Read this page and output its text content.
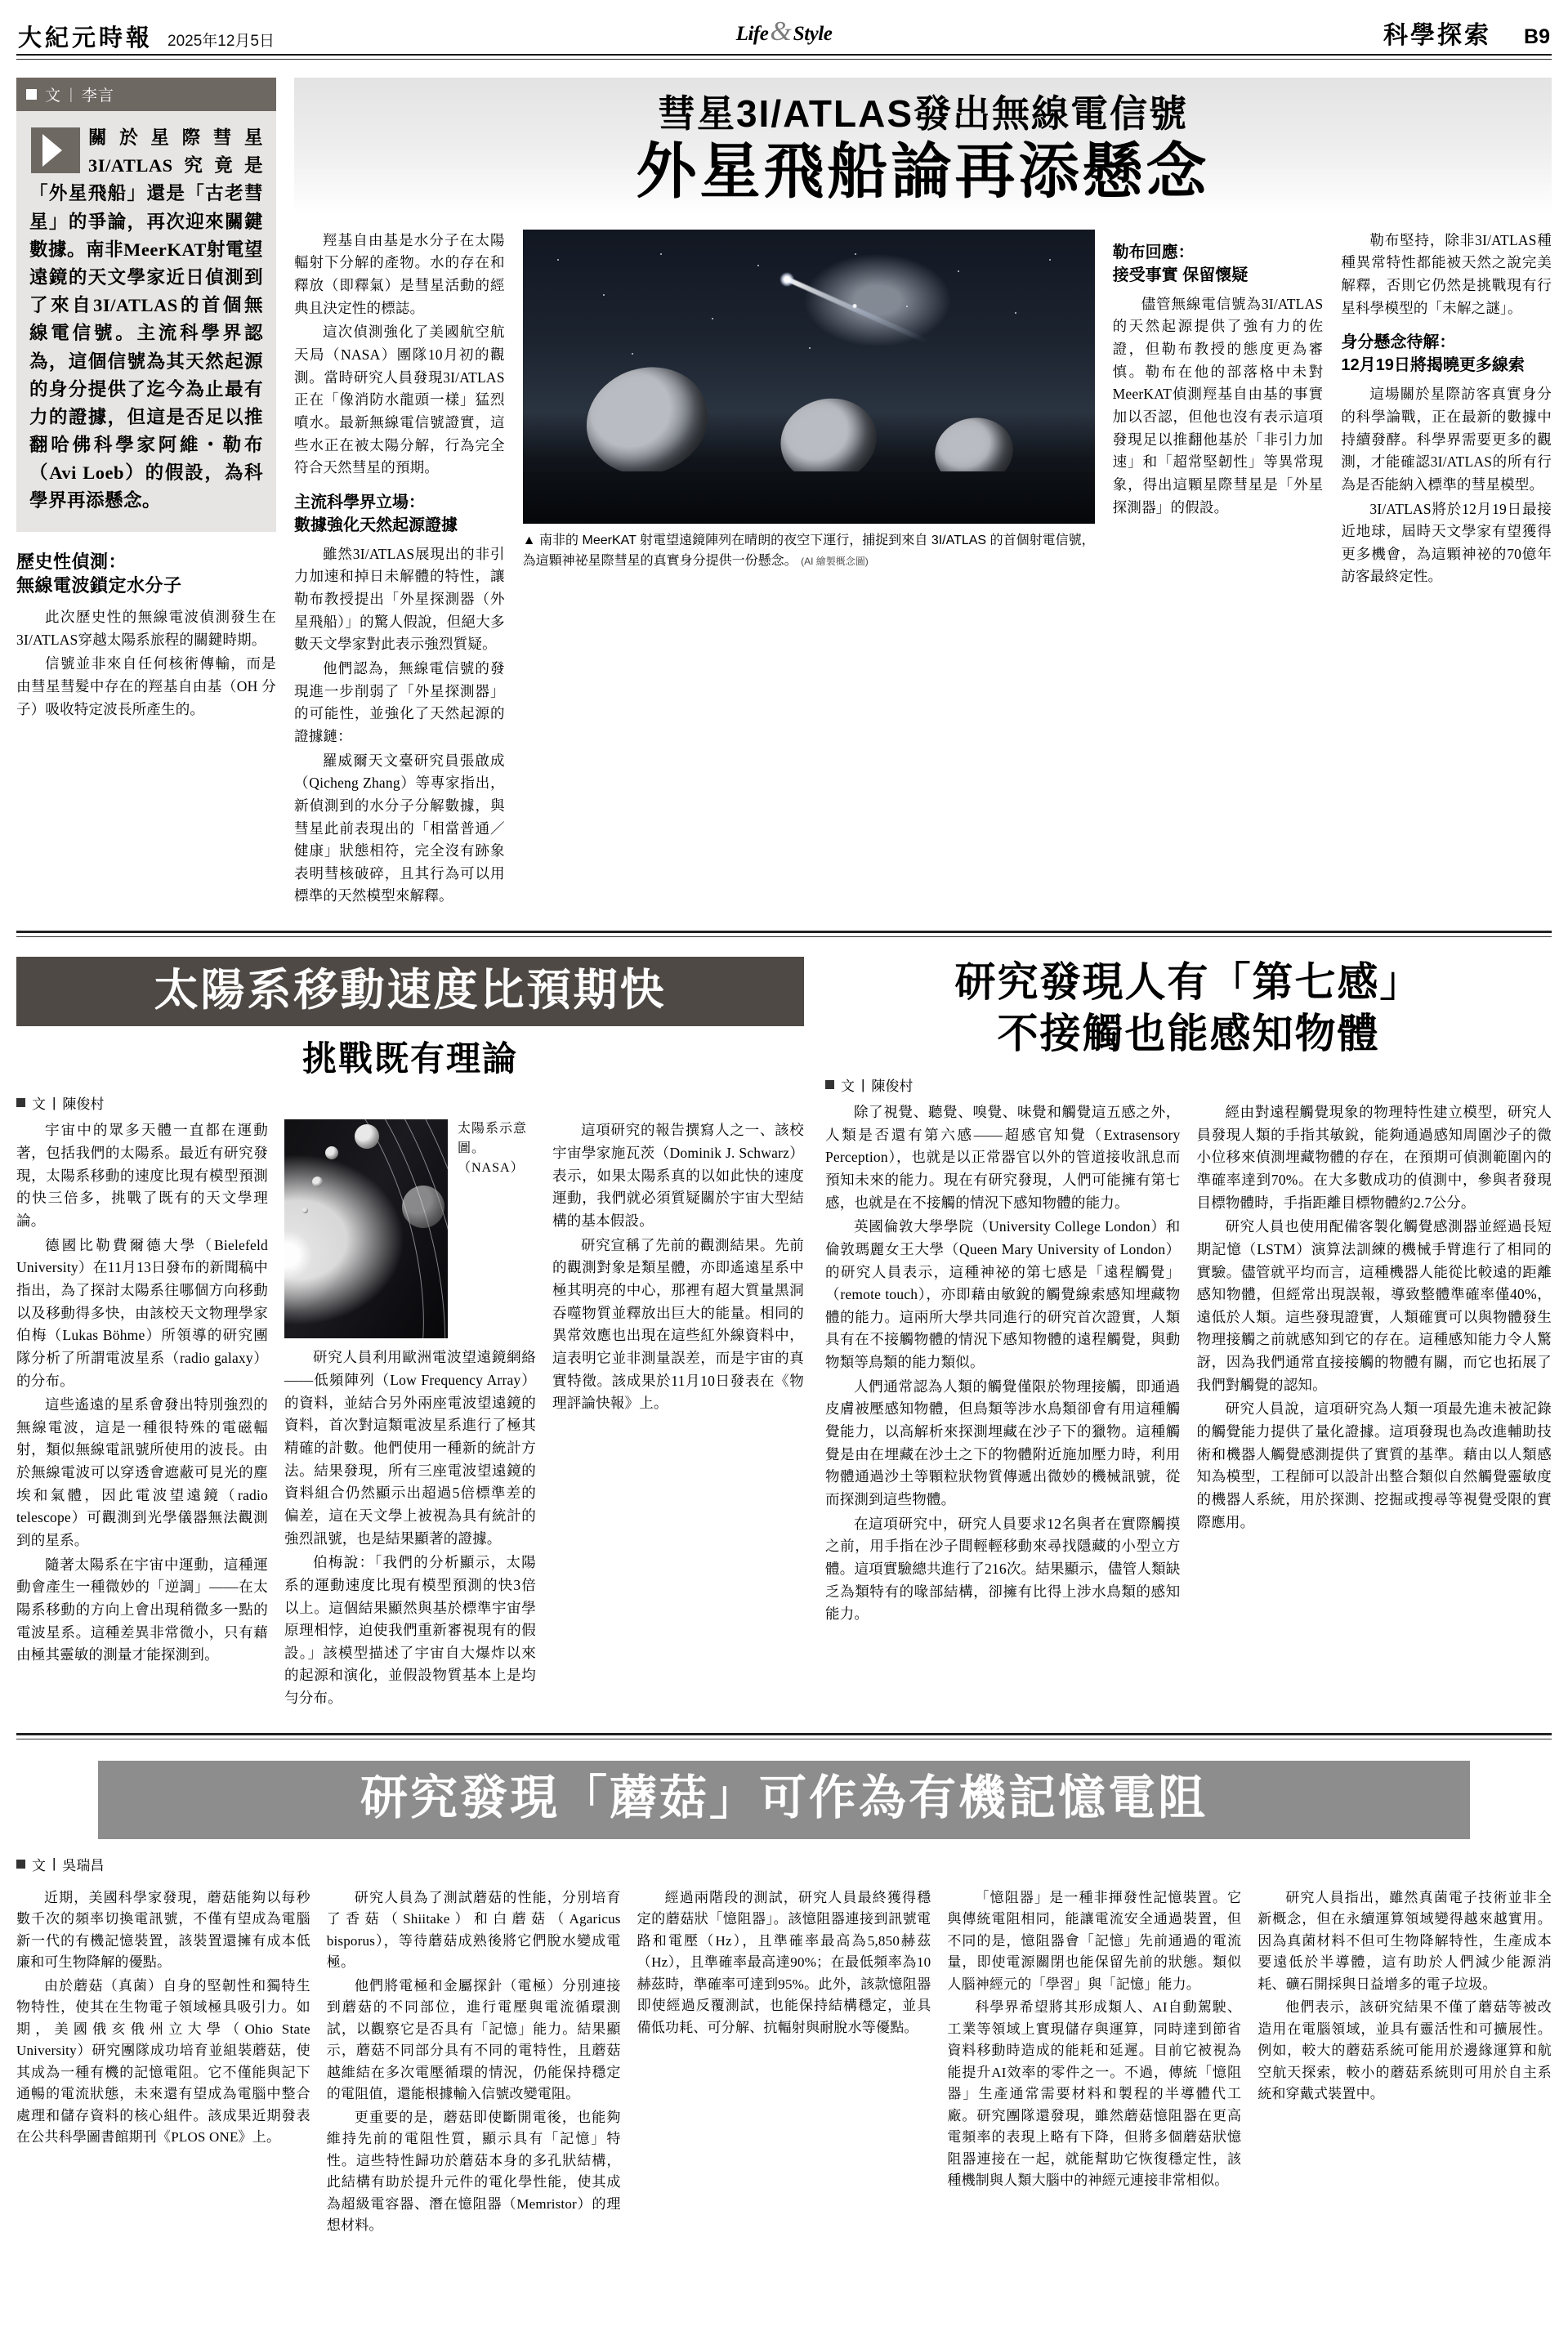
大紀元時報 2025年12月5日	Life & Style	科學探索 B9
文 | 李言
關於星際彗星3I/ATLAS究竟是「外星飛船」還是「古老彗星」的爭論，再次迎來關鍵數據。南非MeerKAT射電望遠鏡的天文學家近日偵測到了來自3I/ATLAS的首個無線電信號。主流科學界認為，這個信號為其天然起源的身分提供了迄今為止最有力的證據，但這是否足以推翻哈佛科學家阿維・勒布（Avi Loeb）的假設，為科學界再添懸念。
歷史性偵測：
無線電波鎖定水分子

此次歷史性的無線電波偵測發生在3I/ATLAS穿越太陽系旅程的關鍵時期。

信號並非來自任何核術傳輸，而是由彗星彗髮中存在的羥基自由基（OH 分子）吸收特定波長所產生的。

彗星3I/ATLAS發出無線電信號
外星飛船論再添懸念

羥基自由基是水分子在太陽輻射下分解的產物。水的存在和釋放（即釋氣）是彗星活動的經典且決定性的標誌。

這次偵測強化了美國航空航天局（NASA）團隊10月初的觀測。當時研究人員發現3I/ATLAS正在「像消防水龍頭一樣」猛烈噴水。最新無線電信號證實，這些水正在被太陽分解，行為完全符合天然彗星的預期。

主流科學界立場：
數據強化天然起源證據

雖然3I/ATLAS展現出的非引力加速和掉日未解體的特性，讓勒布教授提出「外星探測器（外星飛船）」的驚人假說，但絕大多數天文學家對此表示強烈質疑。

他們認為，無線電信號的發現進一步削弱了「外星探測器」的可能性，並強化了天然起源的證據鏈：

羅威爾天文臺研究員張啟成（Qicheng Zhang）等專家指出，新偵測到的水分子分解數據，與彗星此前表現出的「相當普通／健康」狀態相符，完全沒有跡象表明彗核破碎，且其行為可以用標準的天然模型來解釋。

▲ 南非的 MeerKAT 射電望遠鏡陣列在晴朗的夜空下運行，捕捉到來自 3I/ATLAS 的首個射電信號，為這顆神祕星際彗星的真實身分提供一份懸念。 (AI 繪製概念圖)

勒布回應：
接受事實 保留懷疑

儘管無線電信號為3I/ATLAS的天然起源提供了強有力的佐證，但勒布教授的態度更為審慎。勒布在他的部落格中未對MeerKAT偵測羥基自由基的事實加以否認，但他也沒有表示這項發現足以推翻他基於「非引力加速」和「超常堅韌性」等異常現象，得出這顆星際彗星是「外星探測器」的假設。

勒布堅持，除非3I/ATLAS種種異常特性都能被天然之說完美解釋，否則它仍然是挑戰現有行星科學模型的「未解之謎」。

身分懸念待解：
12月19日將揭曉更多線索

這場關於星際訪客真實身分的科學論戰，正在最新的數據中持續發酵。科學界需要更多的觀測，才能確認3I/ATLAS的所有行為是否能納入標準的彗星模型。

3I/ATLAS將於12月19日最接近地球，屆時天文學家有望獲得更多機會，為這顆神祕的70億年訪客最終定性。

太陽系移動速度比預期快
挑戰既有理論
文 | 陳俊村

宇宙中的眾多天體一直都在運動著，包括我們的太陽系。最近有研究發現，太陽系移動的速度比現有模型預測的快三倍多，挑戰了既有的天文學理論。

德國比勒費爾德大學（Bielefeld University）在11月13日發布的新聞稿中指出，為了探討太陽系往哪個方向移動以及移動得多快，由該校天文物理學家伯梅（Lukas Böhme）所領導的研究團隊分析了所謂電波星系（radio galaxy）的分布。

這些遙遠的星系會發出特別強烈的無線電波，這是一種很特殊的電磁輻射，類似無線電訊號所使用的波長。由於無線電波可以穿透會遮蔽可見光的塵埃和氣體，因此電波望遠鏡（radio telescope）可觀測到光學儀器無法觀測到的星系。

隨著太陽系在宇宙中運動，這種運動會產生一種微妙的「逆調」——在太陽系移動的方向上會出現稍微多一點的電波星系。這種差異非常微小，只有藉由極其靈敏的測量才能探測到。

太陽系示意
圖。（NASA）

研究人員利用歐洲電波望遠鏡網絡——低頻陣列（Low Frequency Array）的資料，並結合另外兩座電波望遠鏡的資料，首次對這類電波星系進行了極其精確的計數。他們使用一種新的統計方法。結果發現，所有三座電波望遠鏡的資料組合仍然顯示出超過5倍標準差的偏差，這在天文學上被視為具有統計的強烈訊號，也是結果顯著的證據。

伯梅說：「我們的分析顯示，太陽系的運動速度比現有模型預測的快3倍以上。這個結果顯然與基於標準宇宙學原理相悖，迫使我們重新審視現有的假設。」該模型描述了宇宙自大爆炸以來的起源和演化，並假設物質基本上是均勻分布。

這項研究的報告撰寫人之一、該校宇宙學家施瓦茨（Dominik J. Schwarz）表示，如果太陽系真的以如此快的速度運動，我們就必須質疑關於宇宙大型結構的基本假設。

研究宣稱了先前的觀測結果。先前的觀測對象是類星體，亦即遙遠星系中極其明亮的中心，那裡有超大質量黑洞吞噬物質並釋放出巨大的能量。相同的異常效應也出現在這些紅外線資料中，這表明它並非測量誤差，而是宇宙的真實特徵。該成果於11月10日發表在《物理評論快報》上。

研究發現人有「第七感」
不接觸也能感知物體
文 | 陳俊村

除了視覺、聽覺、嗅覺、味覺和觸覺這五感之外，人類是否還有第六感——超感官知覺（Extrasensory Perception），也就是以正常器官以外的管道接收訊息而預知未來的能力。現在有研究發現，人們可能擁有第七感，也就是在不接觸的情況下感知物體的能力。

英國倫敦大學學院（University College London）和倫敦瑪麗女王大學（Queen Mary University of London）的研究人員表示，這種神祕的第七感是「遠程觸覺」（remote touch），亦即藉由敏銳的觸覺線索感知埋藏物體的能力。這兩所大學共同進行的研究首次證實，人類具有在不接觸物體的情況下感知物體的遠程觸覺，與動物類等鳥類的能力類似。

人們通常認為人類的觸覺僅限於物理接觸，即通過皮膚被壓感知物體，但鳥類等涉水鳥類卻會有用這種觸覺能力，以高解析來探測埋藏在沙子下的獵物。這種觸覺是由在埋藏在沙土之下的物體附近施加壓力時，利用物體通過沙土等顆粒狀物質傳遞出微妙的機械訊號，從而探測到這些物體。

在這項研究中，研究人員要求12名與者在實際觸摸之前，用手指在沙子間輕輕移動來尋找隱藏的小型立方體。這項實驗總共進行了216次。結果顯示，儘管人類缺乏為類特有的喙部結構，卻擁有比得上涉水鳥類的感知能力。

經由對遠程觸覺現象的物理特性建立模型，研究人員發現人類的手指其敏銳，能夠通過感知周圍沙子的微小位移來偵測埋藏物體的存在，在預期可偵測範圍內的準確率達到70%。在大多數成功的偵測中，參與者發現目標物體時，手指距離目標物體約2.7公分。

研究人員也使用配備客製化觸覺感測器並經過長短期記憶（LSTM）演算法訓練的機械手臂進行了相同的實驗。儘管就平均而言，這種機器人能從比較遠的距離感知物體，但經常出現誤報，導致整體準確率僅40%，遠低於人類。這些發現證實，人類確實可以與物體發生物理接觸之前就感知到它的存在。這種感知能力令人驚訝，因為我們通常直接接觸的物體有關，而它也拓展了我們對觸覺的認知。

研究人員說，這項研究為人類一項最先進未被記錄的觸覺能力提供了量化證據。這項發現也為改進輔助技術和機器人觸覺感測提供了實質的基準。藉由以人類感知為模型，工程師可以設計出整合類似自然觸覺靈敏度的機器人系統，用於探測、挖掘或搜尋等視覺受限的實際應用。

研究發現「蘑菇」可作為有機記憶電阻
文 | 吳瑞昌

近期，美國科學家發現，蘑菇能夠以每秒數千次的頻率切換電訊號，不僅有望成為電腦新一代的有機記憶裝置，該裝置還擁有成本低廉和可生物降解的優點。

由於蘑菇（真菌）自身的堅韌性和獨特生物特性，使其在生物電子領域極具吸引力。如期，美國俄亥俄州立大學（Ohio State University）研究團隊成功培育並組裝蘑菇，使其成為一種有機的記憶電阻。它不僅能與記下通暢的電流狀態，未來還有望成為電腦中整合處理和儲存資料的核心組件。該成果近期發表在公共科學圖書館期刊《PLOS ONE》上。

研究人員為了測試蘑菇的性能，分別培育了香菇（Shiitake）和白蘑菇（Agaricus bisporus），等待蘑菇成熟後將它們脫水變成電極。

他們將電極和金屬探針（電極）分別連接到蘑菇的不同部位，進行電壓與電流循環測試，以觀察它是否具有「記憶」能力。結果顯示，蘑菇不同部分具有不同的電特性，且蘑菇越維結在多次電壓循環的情況，仍能保持穩定的電阻值，還能根據輸入信號改變電阻。

更重要的是，蘑菇即使斷開電後，也能夠維持先前的電阻性質，顯示具有「記憶」特性。這些特性歸功於蘑菇本身的多孔狀結構，此結構有助於提升元件的電化學性能，使其成為超級電容器、潛在憶阻器（Memristor）的理想材料。

經過兩階段的測試，研究人員最終獲得穩定的蘑菇狀「憶阻器」。該憶阻器連接到訊號電路和電壓（Hz），且準確率最高為5,850赫茲（Hz），且準確率最高達90%；在最低頻率為10赫茲時，準確率可達到95%。此外，該款憶阻器即使經過反覆測試，也能保持結構穩定，並具備低功耗、可分解、抗輻射與耐脫水等優點。

「憶阻器」是一種非揮發性記憶裝置。它與傳統電阻相同，能讓電流安全通過裝置，但不同的是，憶阻器會「記憶」先前通過的電流量，即使電源關閉也能保留先前的狀態。類似人腦神經元的「學習」與「記憶」能力。

科學界希望將其形成類人、AI自動駕駛、工業等領域上實現儲存與運算，同時達到節省資料移動時造成的能耗和延遲。目前它被視為能提升AI效率的零件之一。不過，傳統「憶阻器」生產通常需要材料和製程的半導體代工廠。研究團隊還發現，雖然蘑菇憶阻器在更高電頻率的表現上略有下降，但將多個蘑菇狀憶阻器連接在一起，就能幫助它恢復穩定性，該種機制與人類大腦中的神經元連接非常相似。

研究人員指出，雖然真菌電子技術並非全新概念，但在永續運算領域變得越來越實用。因為真菌材料不但可生物降解特性，生產成本要遠低於半導體，這有助於人們減少能源消耗、礦石開採與日益增多的電子垃圾。

他們表示，該研究結果不僅了蘑菇等被改造用在電腦領域，並具有靈活性和可擴展性。例如，較大的蘑菇系統可能用於邊緣運算和航空航天探索，較小的蘑菇系統則可用於自主系統和穿戴式裝置中。
